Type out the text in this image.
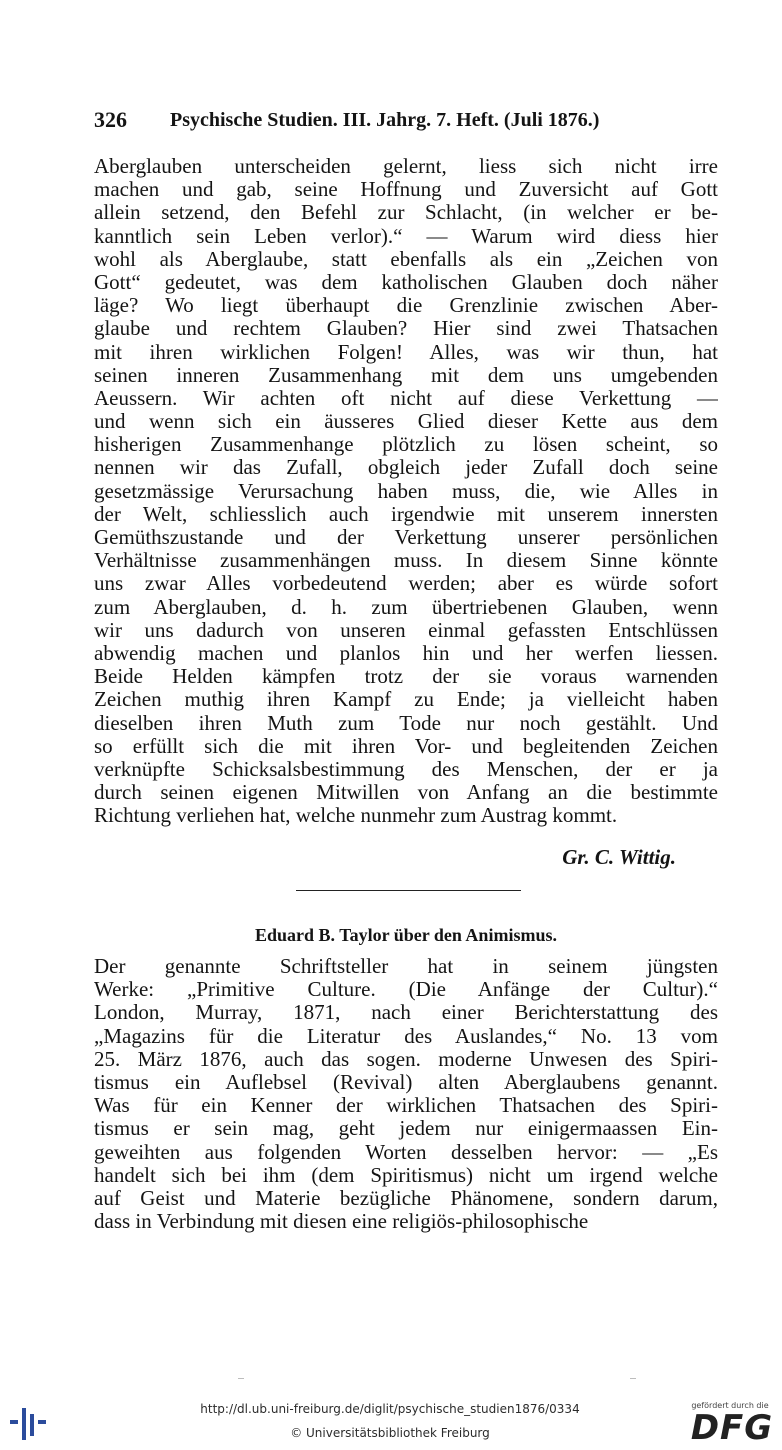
326 Psychische Studien. III. Jahrg. 7. Heft. (Juli 1876.)
Aberglauben unterscheiden gelernt, liess sich nicht irre
machen und gab, seine Hoffnung und Zuversicht auf Gott
allein setzend, den Befehl zur Schlacht, (in welcher er be-
kanntlich sein Leben verlor).“ — Warum wird diess hier
wohl als Aberglaube, statt ebenfalls als ein „Zeichen von
Gott“ gedeutet, was dem katholischen Glauben doch näher
läge? Wo liegt überhaupt die Grenzlinie zwischen Aber-
glaube und rechtem Glauben? Hier sind zwei Thatsachen
mit ihren wirklichen Folgen! Alles, was wir thun, hat
seinen inneren Zusammenhang mit dem uns umgebenden
Aeussern. Wir achten oft nicht auf diese Verkettung —
und wenn sich ein äusseres Glied dieser Kette aus dem
hisherigen Zusammenhange plötzlich zu lösen scheint, so
nennen wir das Zufall, obgleich jeder Zufall doch seine
gesetzmässige Verursachung haben muss, die, wie Alles in
der Welt, schliesslich auch irgendwie mit unserem innersten
Gemüthszustande und der Verkettung unserer persönlichen
Verhältnisse zusammenhängen muss. In diesem Sinne könnte
uns zwar Alles vorbedeutend werden; aber es würde sofort
zum Aberglauben, d. h. zum übertriebenen Glauben, wenn
wir uns dadurch von unseren einmal gefassten Entschlüssen
abwendig machen und planlos hin und her werfen liessen.
Beide Helden kämpfen trotz der sie voraus warnenden
Zeichen muthig ihren Kampf zu Ende; ja vielleicht haben
dieselben ihren Muth zum Tode nur noch gestählt. Und
so erfüllt sich die mit ihren Vor- und begleitenden Zeichen
verknüpfte Schicksalsbestimmung des Menschen, der er ja
durch seinen eigenen Mitwillen von Anfang an die bestimmte
Richtung verliehen hat, welche nunmehr zum Austrag kommt.
Gr. C. Wittig.
Eduard B. Taylor über den Animismus.
Der genannte Schriftsteller hat in seinem jüngsten
Werke: „Primitive Culture. (Die Anfänge der Cultur).“
London, Murray, 1871, nach einer Berichterstattung des
„Magazins für die Literatur des Auslandes,“ No. 13 vom
25. März 1876, auch das sogen. moderne Unwesen des Spiri-
tismus ein Auflebsel (Revival) alten Aberglaubens genannt.
Was für ein Kenner der wirklichen Thatsachen des Spiri-
tismus er sein mag, geht jedem nur einigermaassen Ein-
geweihten aus folgenden Worten desselben hervor: — „Es
handelt sich bei ihm (dem Spiritismus) nicht um irgend welche
auf Geist und Materie bezügliche Phänomene, sondern darum,
dass in Verbindung mit diesen eine religiös-philosophische
http://dl.ub.uni-freiburg.de/diglit/psychische_studien1876/0334
© Universitätsbibliothek Freiburg
gefördert durch die
DFG
